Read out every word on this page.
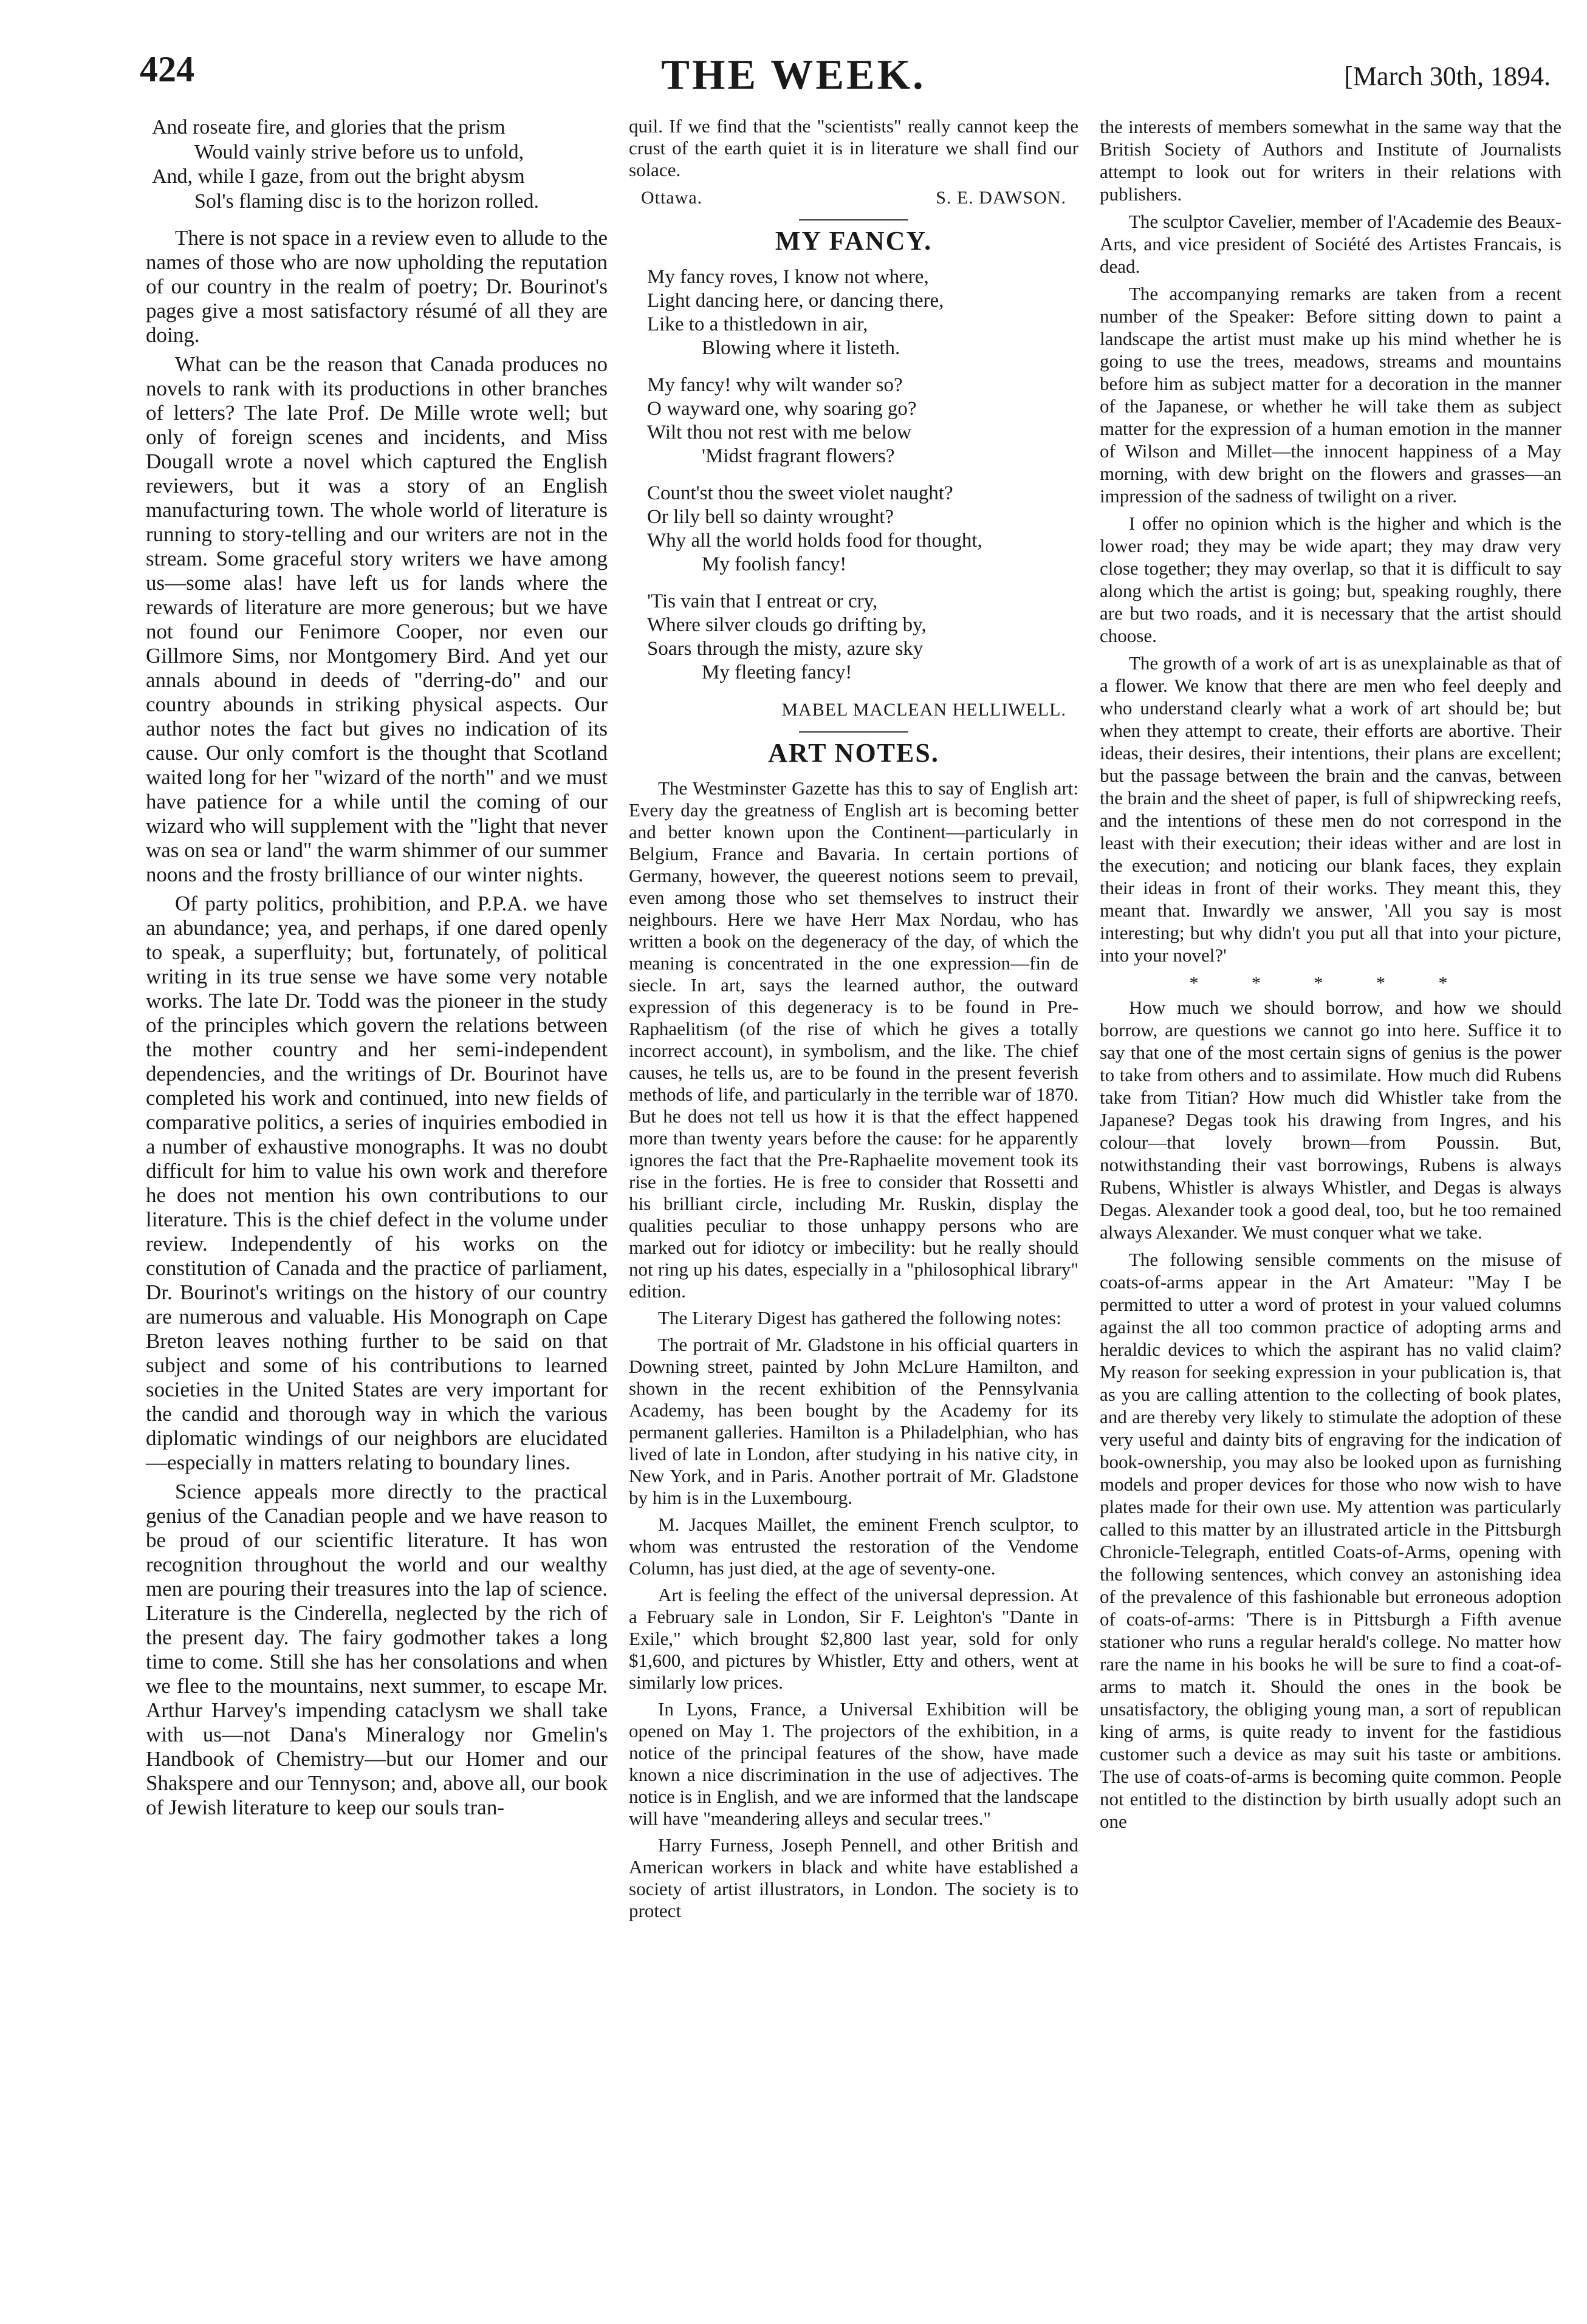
424	THE WEEK.	[March 30th, 1894.
And roseate fire, and glories that the prism
Would vainly strive before us to unfold,
And, while I gaze, from out the bright abysm
Sol's flaming disc is to the horizon rolled.

There is not space in a review even to allude to the names of those who are now upholding the reputation of our country in the realm of poetry; Dr. Bourinot's pages give a most satisfactory résumé of all they are doing.

What can be the reason that Canada produces no novels to rank with its productions in other branches of letters? The late Prof. De Mille wrote well; but only of foreign scenes and incidents, and Miss Dougall wrote a novel which captured the English reviewers, but it was a story of an English manufacturing town. The whole world of literature is running to story-telling and our writers are not in the stream. Some graceful story writers we have among us—some alas! have left us for lands where the rewards of literature are more generous; but we have not found our Fenimore Cooper, nor even our Gillmore Sims, nor Montgomery Bird. And yet our annals abound in deeds of "derring-do" and our country abounds in striking physical aspects. Our author notes the fact but gives no indication of its cause. Our only comfort is the thought that Scotland waited long for her "wizard of the north" and we must have patience for a while until the coming of our wizard who will supplement with the "light that never was on sea or land" the warm shimmer of our summer noons and the frosty brilliance of our winter nights.

Of party politics, prohibition, and P.P.A. we have an abundance; yea, and perhaps, if one dared openly to speak, a superfluity; but, fortunately, of political writing in its true sense we have some very notable works. The late Dr. Todd was the pioneer in the study of the principles which govern the relations between the mother country and her semi-independent dependencies, and the writings of Dr. Bourinot have completed his work and continued, into new fields of comparative politics, a series of inquiries embodied in a number of exhaustive monographs. It was no doubt difficult for him to value his own work and therefore he does not mention his own contributions to our literature. This is the chief defect in the volume under review. Independently of his works on the constitution of Canada and the practice of parliament, Dr. Bourinot's writings on the history of our country are numerous and valuable. His Monograph on Cape Breton leaves nothing further to be said on that subject and some of his contributions to learned societies in the United States are very important for the candid and thorough way in which the various diplomatic windings of our neighbors are elucidated—especially in matters relating to boundary lines.

Science appeals more directly to the practical genius of the Canadian people and we have reason to be proud of our scientific literature. It has won recognition throughout the world and our wealthy men are pouring their treasures into the lap of science. Literature is the Cinderella, neglected by the rich of the present day. The fairy godmother takes a long time to come. Still she has her consolations and when we flee to the mountains, next summer, to escape Mr. Arthur Harvey's impending cataclysm we shall take with us—not Dana's Mineralogy nor Gmelin's Handbook of Chemistry—but our Homer and our Shakspere and our Tennyson; and, above all, our book of Jewish literature to keep our souls tran-

quil. If we find that the "scientists" really cannot keep the crust of the earth quiet it is in literature we shall find our solace.

Ottawa.	S. E. DAWSON.
MY FANCY.
My fancy roves, I know not where,
Light dancing here, or dancing there,
Like to a thistledown in air,
Blowing where it listeth.
My fancy! why wilt wander so?
O wayward one, why soaring go?
Wilt thou not rest with me below
'Midst fragrant flowers?
Count'st thou the sweet violet naught?
Or lily bell so dainty wrought?
Why all the world holds food for thought,
My foolish fancy!
'Tis vain that I entreat or cry,
Where silver clouds go drifting by,
Soars through the misty, azure sky
My fleeting fancy!
MABEL MACLEAN HELLIWELL.
ART NOTES.

The Westminster Gazette has this to say of English art: Every day the greatness of English art is becoming better and better known upon the Continent—particularly in Belgium, France and Bavaria. In certain portions of Germany, however, the queerest notions seem to prevail, even among those who set themselves to instruct their neighbours. Here we have Herr Max Nordau, who has written a book on the degeneracy of the day, of which the meaning is concentrated in the one expression—fin de siecle. In art, says the learned author, the outward expression of this degeneracy is to be found in Pre-Raphaelitism (of the rise of which he gives a totally incorrect account), in symbolism, and the like. The chief causes, he tells us, are to be found in the present feverish methods of life, and particularly in the terrible war of 1870. But he does not tell us how it is that the effect happened more than twenty years before the cause: for he apparently ignores the fact that the Pre-Raphaelite movement took its rise in the forties. He is free to consider that Rossetti and his brilliant circle, including Mr. Ruskin, display the qualities peculiar to those unhappy persons who are marked out for idiotcy or imbecility: but he really should not ring up his dates, especially in a "philosophical library" edition.

The Literary Digest has gathered the following notes:

The portrait of Mr. Gladstone in his official quarters in Downing street, painted by John McLure Hamilton, and shown in the recent exhibition of the Pennsylvania Academy, has been bought by the Academy for its permanent galleries. Hamilton is a Philadelphian, who has lived of late in London, after studying in his native city, in New York, and in Paris. Another portrait of Mr. Gladstone by him is in the Luxembourg.

M. Jacques Maillet, the eminent French sculptor, to whom was entrusted the restoration of the Vendome Column, has just died, at the age of seventy-one.

Art is feeling the effect of the universal depression. At a February sale in London, Sir F. Leighton's "Dante in Exile," which brought $2,800 last year, sold for only $1,600, and pictures by Whistler, Etty and others, went at similarly low prices.

In Lyons, France, a Universal Exhibition will be opened on May 1. The projectors of the exhibition, in a notice of the principal features of the show, have made known a nice discrimination in the use of adjectives. The notice is in English, and we are informed that the landscape will have "meandering alleys and secular trees."

Harry Furness, Joseph Pennell, and other British and American workers in black and white have established a society of artist illustrators, in London. The society is to protect

the interests of members somewhat in the same way that the British Society of Authors and Institute of Journalists attempt to look out for writers in their relations with publishers.

The sculptor Cavelier, member of l'Academie des Beaux-Arts, and vice president of Société des Artistes Francais, is dead.

The accompanying remarks are taken from a recent number of the Speaker: Before sitting down to paint a landscape the artist must make up his mind whether he is going to use the trees, meadows, streams and mountains before him as subject matter for a decoration in the manner of the Japanese, or whether he will take them as subject matter for the expression of a human emotion in the manner of Wilson and Millet—the innocent happiness of a May morning, with dew bright on the flowers and grasses—an impression of the sadness of twilight on a river.

I offer no opinion which is the higher and which is the lower road; they may be wide apart; they may draw very close together; they may overlap, so that it is difficult to say along which the artist is going; but, speaking roughly, there are but two roads, and it is necessary that the artist should choose.

The growth of a work of art is as unexplainable as that of a flower. We know that there are men who feel deeply and who understand clearly what a work of art should be; but when they attempt to create, their efforts are abortive. Their ideas, their desires, their intentions, their plans are excellent; but the passage between the brain and the canvas, between the brain and the sheet of paper, is full of shipwrecking reefs, and the intentions of these men do not correspond in the least with their execution; their ideas wither and are lost in the execution; and noticing our blank faces, they explain their ideas in front of their works. They meant this, they meant that. Inwardly we answer, 'All you say is most interesting; but why didn't you put all that into your picture, into your novel?'

* * * * *

How much we should borrow, and how we should borrow, are questions we cannot go into here. Suffice it to say that one of the most certain signs of genius is the power to take from others and to assimilate. How much did Rubens take from Titian? How much did Whistler take from the Japanese? Degas took his drawing from Ingres, and his colour—that lovely brown—from Poussin. But, notwithstanding their vast borrowings, Rubens is always Rubens, Whistler is always Whistler, and Degas is always Degas. Alexander took a good deal, too, but he too remained always Alexander. We must conquer what we take.

The following sensible comments on the misuse of coats-of-arms appear in the Art Amateur: "May I be permitted to utter a word of protest in your valued columns against the all too common practice of adopting arms and heraldic devices to which the aspirant has no valid claim? My reason for seeking expression in your publication is, that as you are calling attention to the collecting of book plates, and are thereby very likely to stimulate the adoption of these very useful and dainty bits of engraving for the indication of book-ownership, you may also be looked upon as furnishing models and proper devices for those who now wish to have plates made for their own use. My attention was particularly called to this matter by an illustrated article in the Pittsburgh Chronicle-Telegraph, entitled Coats-of-Arms, opening with the following sentences, which convey an astonishing idea of the prevalence of this fashionable but erroneous adoption of coats-of-arms: 'There is in Pittsburgh a Fifth avenue stationer who runs a regular herald's college. No matter how rare the name in his books he will be sure to find a coat-of-arms to match it. Should the ones in the book be unsatisfactory, the obliging young man, a sort of republican king of arms, is quite ready to invent for the fastidious customer such a device as may suit his taste or ambitions. The use of coats-of-arms is becoming quite common. People not entitled to the distinction by birth usually adopt such an one
